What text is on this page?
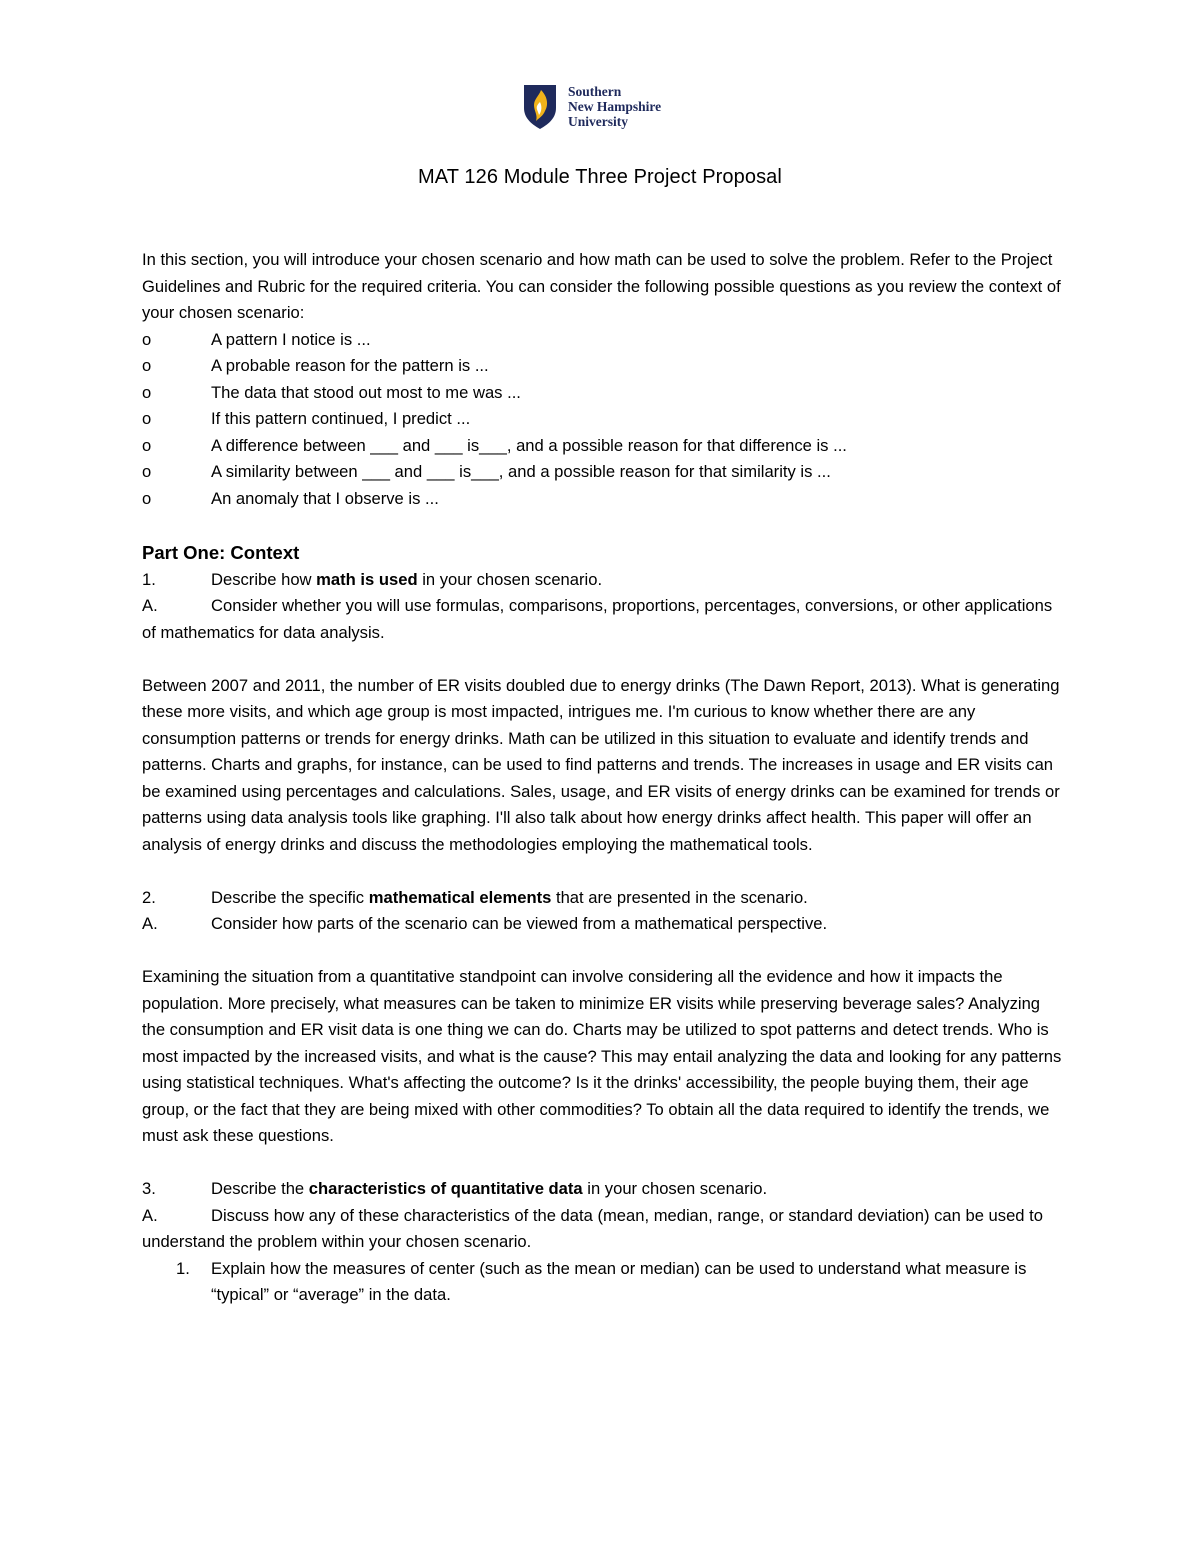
Southern
New Hampshire
University
MAT 126 Module Three Project Proposal

In this section, you will introduce your chosen scenario and how math can be used to solve the problem. Refer to the Project Guidelines and Rubric for the required criteria. You can consider the following possible questions as you review the context of your chosen scenario:

o	A pattern I notice is ...
o	A probable reason for the pattern is ...
o	The data that stood out most to me was ...
o	If this pattern continued, I predict ...
o	A difference between ___ and ___ is___, and a possible reason for that difference is ...
o	A similarity between ___ and ___ is___, and a possible reason for that similarity is ...
o	An anomaly that I observe is ...
Part One: Context
1.	Describe how math is used in your chosen scenario.

A.	Consider whether you will use formulas, comparisons, proportions, percentages, conversions, or other applications of mathematics for data analysis.

Between 2007 and 2011, the number of ER visits doubled due to energy drinks (The Dawn Report, 2013). What is generating these more visits, and which age group is most impacted, intrigues me. I'm curious to know whether there are any consumption patterns or trends for energy drinks. Math can be utilized in this situation to evaluate and identify trends and patterns. Charts and graphs, for instance, can be used to find patterns and trends. The increases in usage and ER visits can be examined using percentages and calculations. Sales, usage, and ER visits of energy drinks can be examined for trends or patterns using data analysis tools like graphing. I'll also talk about how energy drinks affect health. This paper will offer an analysis of energy drinks and discuss the methodologies employing the mathematical tools.

2.	Describe the specific mathematical elements that are presented in the scenario.

A.	Consider how parts of the scenario can be viewed from a mathematical perspective.

Examining the situation from a quantitative standpoint can involve considering all the evidence and how it impacts the population. More precisely, what measures can be taken to minimize ER visits while preserving beverage sales? Analyzing the consumption and ER visit data is one thing we can do. Charts may be utilized to spot patterns and detect trends. Who is most impacted by the increased visits, and what is the cause? This may entail analyzing the data and looking for any patterns using statistical techniques. What's affecting the outcome? Is it the drinks' accessibility, the people buying them, their age group, or the fact that they are being mixed with other commodities? To obtain all the data required to identify the trends, we must ask these questions.

3.	Describe the characteristics of quantitative data in your chosen scenario.

A.	Discuss how any of these characteristics of the data (mean, median, range, or standard deviation) can be used to understand the problem within your chosen scenario.

1.	Explain how the measures of center (such as the mean or median) can be used to understand what measure is “typical” or “average” in the data.
